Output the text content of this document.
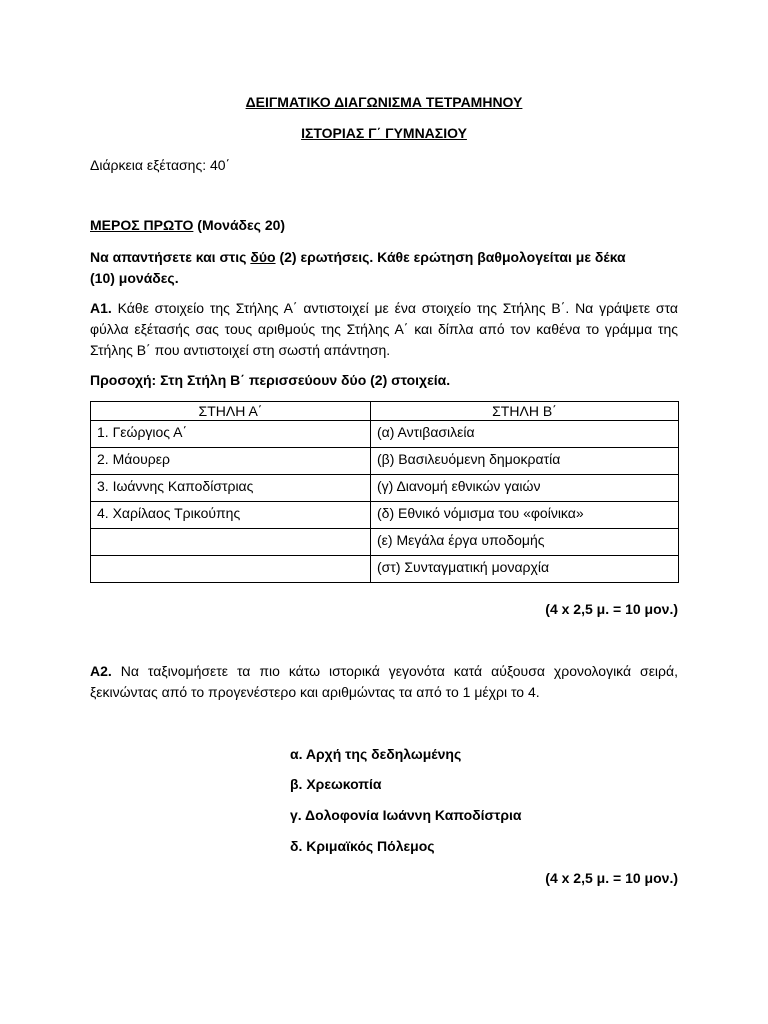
ΔΕΙΓΜΑΤΙΚΟ ΔΙΑΓΩΝΙΣΜΑ ΤΕΤΡΑΜΗΝΟΥ
ΙΣΤΟΡΙΑΣ Γ΄ ΓΥΜΝΑΣΙΟΥ
Διάρκεια εξέτασης: 40΄
ΜΕΡΟΣ ΠΡΩΤΟ (Μονάδες 20)
Να απαντήσετε και στις δύο (2) ερωτήσεις. Κάθε ερώτηση βαθμολογείται με δέκα
(10) μονάδες.
Α1. Κάθε στοιχείο της Στήλης Α΄ αντιστοιχεί με ένα στοιχείο της Στήλης Β΄. Να γράψετε στα φύλλα εξέτασής σας τους αριθμούς της Στήλης Α΄ και δίπλα από τον καθένα το γράμμα της Στήλης Β΄ που αντιστοιχεί στη σωστή απάντηση.
Προσοχή: Στη Στήλη Β΄ περισσεύουν δύο (2) στοιχεία.
ΣΤΗΛΗ Α΄	ΣΤΗΛΗ Β΄
1. Γεώργιος Α΄	(α) Αντιβασιλεία
2. Μάουρερ	(β) Βασιλευόμενη δημοκρατία
3. Ιωάννης Καποδίστριας	(γ) Διανομή εθνικών γαιών
4. Χαρίλαος Τρικούπης	(δ) Εθνικό νόμισμα του «φοίνικα»
	(ε) Μεγάλα έργα υποδομής
	(στ) Συνταγματική μοναρχία
(4 x 2,5 μ. = 10 μον.)
Α2. Να ταξινομήσετε τα πιο κάτω ιστορικά γεγονότα κατά αύξουσα χρονολογικά σειρά, ξεκινώντας από το προγενέστερο και αριθμώντας τα από το 1 μέχρι το 4.
α. Αρχή της δεδηλωμένης
β. Χρεωκοπία
γ. Δολοφονία Ιωάννη Καποδίστρια
δ. Κριμαϊκός Πόλεμος
(4 x 2,5 μ. = 10 μον.)
